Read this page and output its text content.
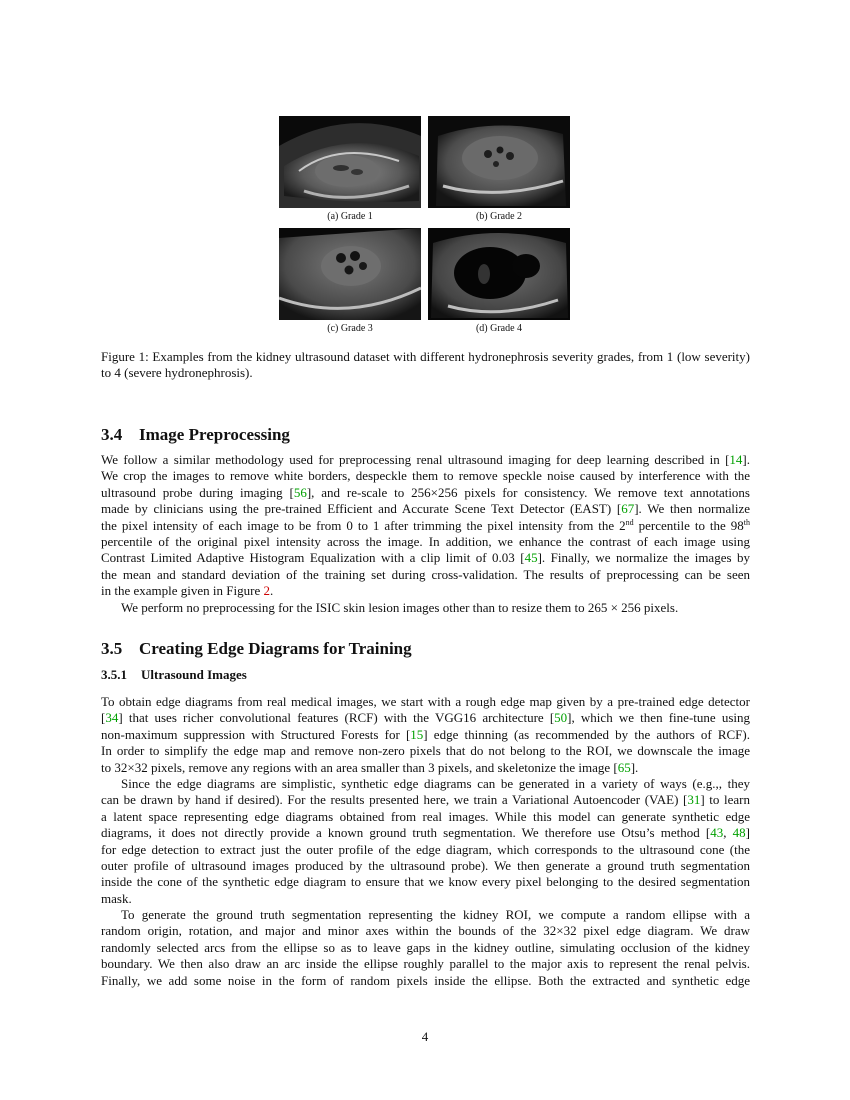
(a) Grade 1	(b) Grade 2
(c) Grade 3	(d) Grade 4
Figure 1: Examples from the kidney ultrasound dataset with different hydronephrosis severity grades, from 1 (low severity) to 4 (severe hydronephrosis).
3.4 Image Preprocessing
We follow a similar methodology used for preprocessing renal ultrasound imaging for deep learning described in [14].
We crop the images to remove white borders, despeckle them to remove speckle noise caused by interference with the
ultrasound probe during imaging [56], and re-scale to 256×256 pixels for consistency. We remove text annotations
made by clinicians using the pre-trained Efficient and Accurate Scene Text Detector (EAST) [67]. We then normalize
the pixel intensity of each image to be from 0 to 1 after trimming the pixel intensity from the 2nd percentile to the 98th
percentile of the original pixel intensity across the image. In addition, we enhance the contrast of each image using
Contrast Limited Adaptive Histogram Equalization with a clip limit of 0.03 [45]. Finally, we normalize the images by
the mean and standard deviation of the training set during cross-validation. The results of preprocessing can be seen
in the example given in Figure 2.
We perform no preprocessing for the ISIC skin lesion images other than to resize them to 265 × 256 pixels.
3.5 Creating Edge Diagrams for Training
3.5.1 Ultrasound Images
To obtain edge diagrams from real medical images, we start with a rough edge map given by a pre-trained edge detector
[34] that uses richer convolutional features (RCF) with the VGG16 architecture [50], which we then fine-tune using
non-maximum suppression with Structured Forests for [15] edge thinning (as recommended by the authors of RCF).
In order to simplify the edge map and remove non-zero pixels that do not belong to the ROI, we downscale the image
to 32×32 pixels, remove any regions with an area smaller than 3 pixels, and skeletonize the image [65].
Since the edge diagrams are simplistic, synthetic edge diagrams can be generated in a variety of ways (e.g.,, they
can be drawn by hand if desired). For the results presented here, we train a Variational Autoencoder (VAE) [31] to learn
a latent space representing edge diagrams obtained from real images. While this model can generate synthetic edge
diagrams, it does not directly provide a known ground truth segmentation. We therefore use Otsu’s method [43, 48]
for edge detection to extract just the outer profile of the edge diagram, which corresponds to the ultrasound cone (the
outer profile of ultrasound images produced by the ultrasound probe). We then generate a ground truth segmentation
inside the cone of the synthetic edge diagram to ensure that we know every pixel belonging to the desired segmentation
mask.
To generate the ground truth segmentation representing the kidney ROI, we compute a random ellipse with a
random origin, rotation, and major and minor axes within the bounds of the 32×32 pixel edge diagram. We draw
randomly selected arcs from the ellipse so as to leave gaps in the kidney outline, simulating occlusion of the kidney
boundary. We then also draw an arc inside the ellipse roughly parallel to the major axis to represent the renal pelvis.
Finally, we add some noise in the form of random pixels inside the ellipse. Both the extracted and synthetic edge
4
